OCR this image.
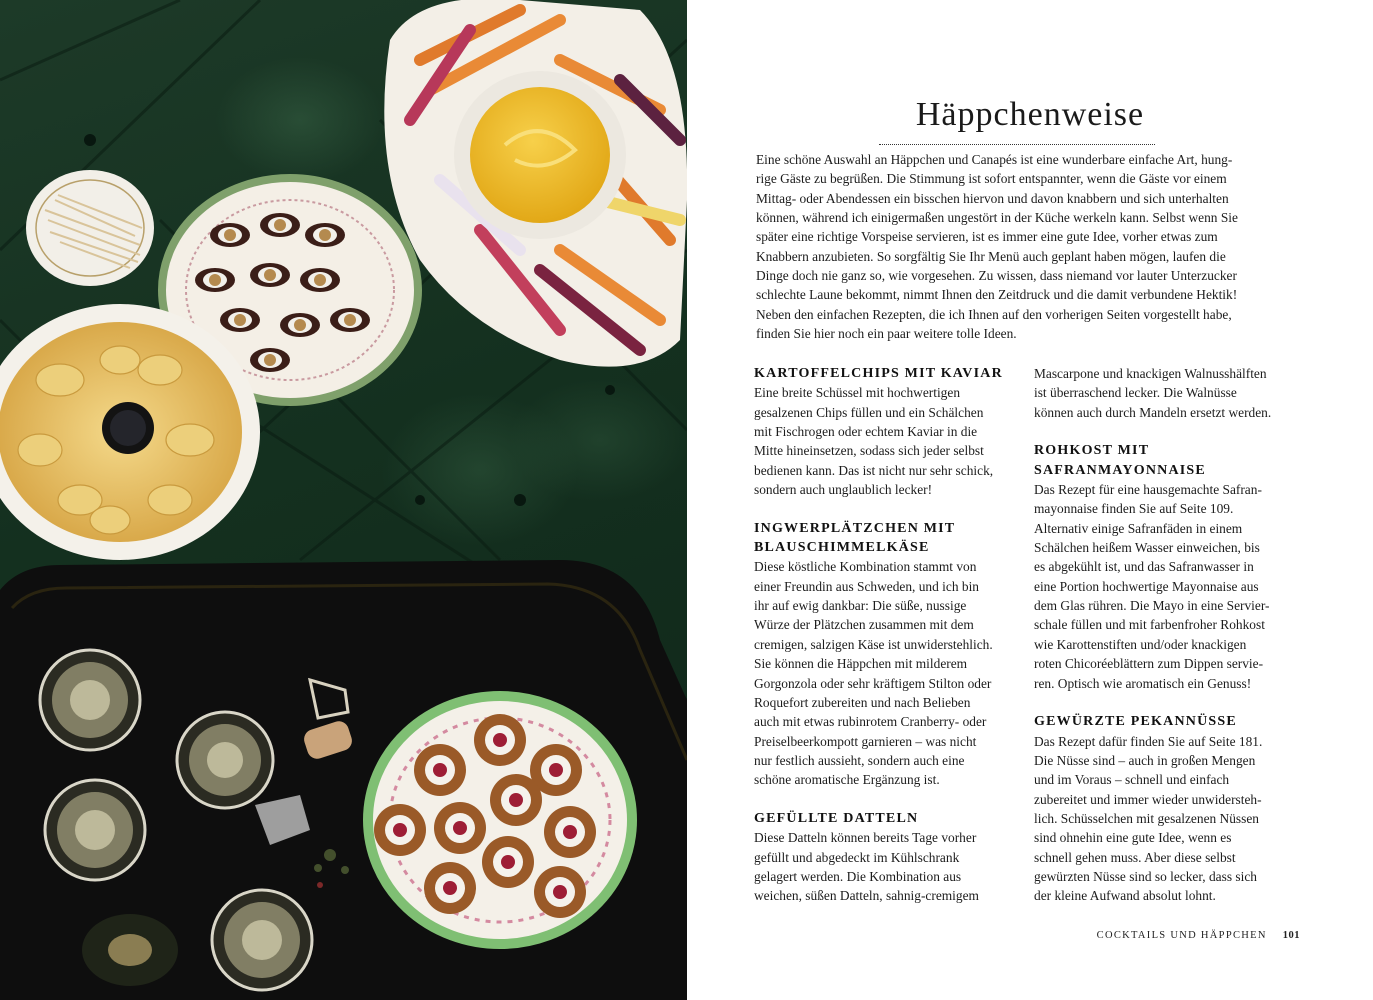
Häppchenweise
Eine schöne Auswahl an Häppchen und Canapés ist eine wunderbare einfache Art, hung-
rige Gäste zu begrüßen. Die Stimmung ist sofort entspannter, wenn die Gäste vor einem
Mittag- oder Abendessen ein bisschen hiervon und davon knabbern und sich unterhalten
können, während ich einigermaßen ungestört in der Küche werkeln kann. Selbst wenn Sie
später eine richtige Vorspeise servieren, ist es immer eine gute Idee, vorher etwas zum
Knabbern anzubieten. So sorgfältig Sie Ihr Menü auch geplant haben mögen, laufen die
Dinge doch nie ganz so, wie vorgesehen. Zu wissen, dass niemand vor lauter Unterzucker
schlechte Laune bekommt, nimmt Ihnen den Zeitdruck und die damit verbundene Hektik!
Neben den einfachen Rezepten, die ich Ihnen auf den vorherigen Seiten vorgestellt habe,
finden Sie hier noch ein paar weitere tolle Ideen.
KARTOFFELCHIPS MIT KAVIAR
Eine breite Schüssel mit hochwertigen
gesalzenen Chips füllen und ein Schälchen
mit Fischrogen oder echtem Kaviar in die
Mitte hineinsetzen, sodass sich jeder selbst
bedienen kann. Das ist nicht nur sehr schick,
sondern auch unglaublich lecker!
INGWERPLÄTZCHEN MIT
BLAUSCHIMMELKÄSE
Diese köstliche Kombination stammt von
einer Freundin aus Schweden, und ich bin
ihr auf ewig dankbar: Die süße, nussige
Würze der Plätzchen zusammen mit dem
cremigen, salzigen Käse ist unwiderstehlich.
Sie können die Häppchen mit milderem
Gorgonzola oder sehr kräftigem Stilton oder
Roquefort zubereiten und nach Belieben
auch mit etwas rubinrotem Cranberry- oder
Preiselbeerkompott garnieren – was nicht
nur festlich aussieht, sondern auch eine
schöne aromatische Ergänzung ist.
GEFÜLLTE DATTELN
Diese Datteln können bereits Tage vorher
gefüllt und abgedeckt im Kühlschrank
gelagert werden. Die Kombination aus
weichen, süßen Datteln, sahnig-cremigem
Mascarpone und knackigen Walnusshälften
ist überraschend lecker. Die Walnüsse
können auch durch Mandeln ersetzt werden.
ROHKOST MIT
SAFRANMAYONNAISE
Das Rezept für eine hausgemachte Safran-
mayonnaise finden Sie auf Seite 109.
Alternativ einige Safranfäden in einem
Schälchen heißem Wasser einweichen, bis
es abgekühlt ist, und das Safranwasser in
eine Portion hochwertige Mayonnaise aus
dem Glas rühren. Die Mayo in eine Servier-
schale füllen und mit farbenfroher Rohkost
wie Karottenstiften und/oder knackigen
roten Chicoréeblättern zum Dippen servie-
ren. Optisch wie aromatisch ein Genuss!
GEWÜRZTE PEKANNÜSSE
Das Rezept dafür finden Sie auf Seite 181.
Die Nüsse sind – auch in großen Mengen
und im Voraus – schnell und einfach
zubereitet und immer wieder unwidersteh-
lich. Schüsselchen mit gesalzenen Nüssen
sind ohnehin eine gute Idee, wenn es
schnell gehen muss. Aber diese selbst
gewürzten Nüsse sind so lecker, dass sich
der kleine Aufwand absolut lohnt.
COCKTAILS UND HÄPPCHEN 101
